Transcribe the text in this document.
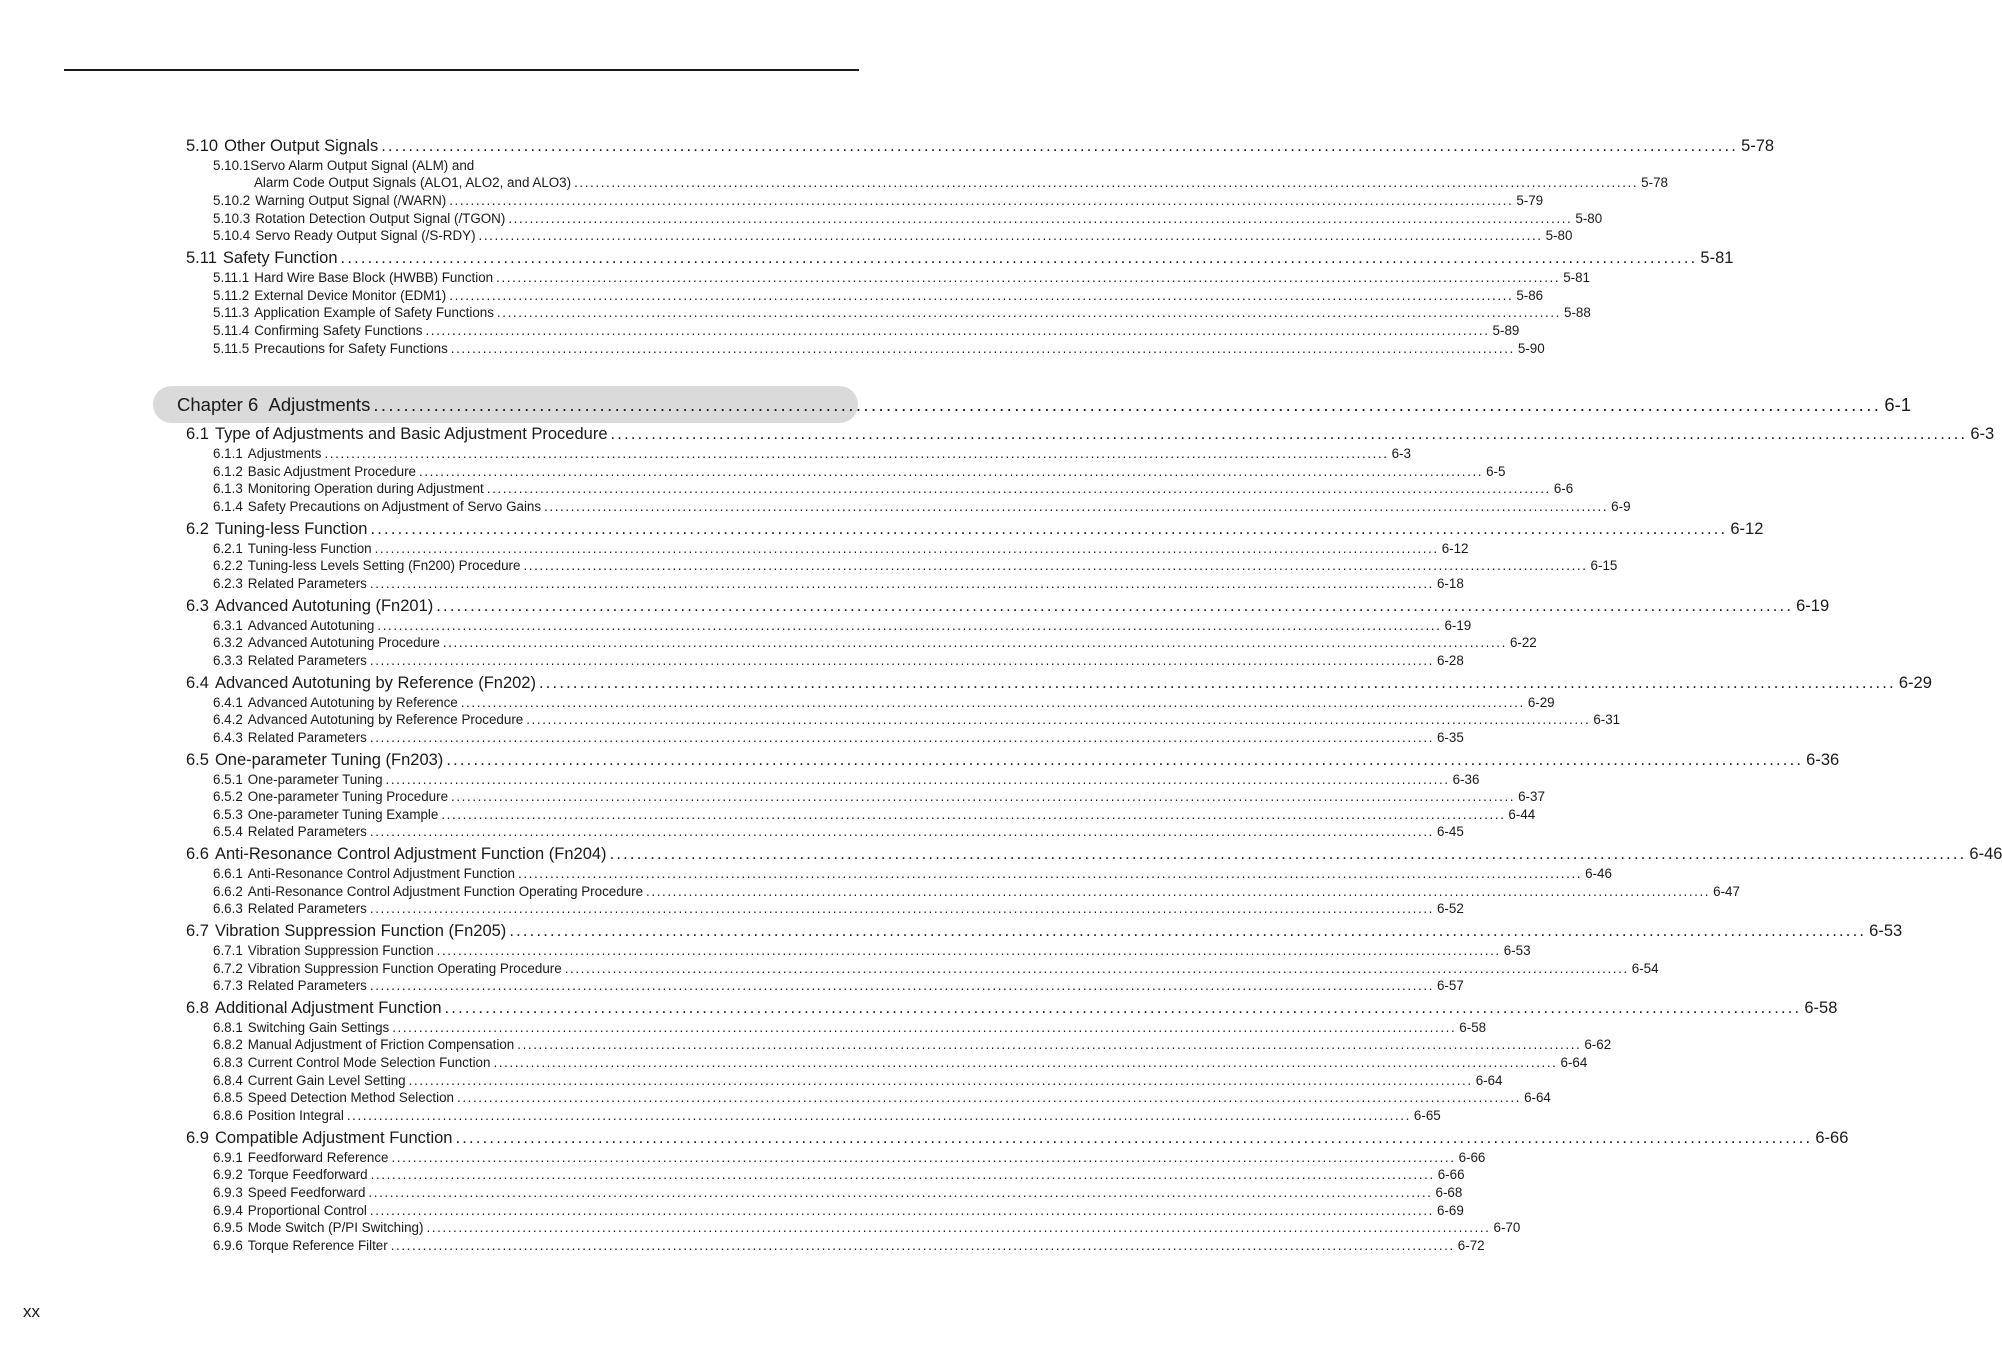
5.10 Other Output Signals ........................................................................................................................................................................................................ 5-78
5.10.1Servo Alarm Output Signal (ALM) and
Alarm Code Output Signals (ALO1, ALO2, and ALO3) ........................................................................................................................................................................................................ 5-78
5.10.2 Warning Output Signal (/WARN) ........................................................................................................................................................................................................ 5-79
5.10.3 Rotation Detection Output Signal (/TGON) ........................................................................................................................................................................................................ 5-80
5.10.4 Servo Ready Output Signal (/S-RDY) ........................................................................................................................................................................................................ 5-80
5.11 Safety Function ........................................................................................................................................................................................................ 5-81
5.11.1 Hard Wire Base Block (HWBB) Function ........................................................................................................................................................................................................ 5-81
5.11.2 External Device Monitor (EDM1) ........................................................................................................................................................................................................ 5-86
5.11.3 Application Example of Safety Functions ........................................................................................................................................................................................................ 5-88
5.11.4 Confirming Safety Functions ........................................................................................................................................................................................................ 5-89
5.11.5 Precautions for Safety Functions ........................................................................................................................................................................................................ 5-90
Chapter 6 Adjustments ........................................................................................................................................................................................................ 6-1
6.1 Type of Adjustments and Basic Adjustment Procedure ........................................................................................................................................................................................................ 6-3
6.1.1 Adjustments ........................................................................................................................................................................................................ 6-3
6.1.2 Basic Adjustment Procedure ........................................................................................................................................................................................................ 6-5
6.1.3 Monitoring Operation during Adjustment ........................................................................................................................................................................................................ 6-6
6.1.4 Safety Precautions on Adjustment of Servo Gains ........................................................................................................................................................................................................ 6-9
6.2 Tuning-less Function ........................................................................................................................................................................................................ 6-12
6.2.1 Tuning-less Function ........................................................................................................................................................................................................ 6-12
6.2.2 Tuning-less Levels Setting (Fn200) Procedure ........................................................................................................................................................................................................ 6-15
6.2.3 Related Parameters ........................................................................................................................................................................................................ 6-18
6.3 Advanced Autotuning (Fn201) ........................................................................................................................................................................................................ 6-19
6.3.1 Advanced Autotuning ........................................................................................................................................................................................................ 6-19
6.3.2 Advanced Autotuning Procedure ........................................................................................................................................................................................................ 6-22
6.3.3 Related Parameters ........................................................................................................................................................................................................ 6-28
6.4 Advanced Autotuning by Reference (Fn202) ........................................................................................................................................................................................................ 6-29
6.4.1 Advanced Autotuning by Reference ........................................................................................................................................................................................................ 6-29
6.4.2 Advanced Autotuning by Reference Procedure ........................................................................................................................................................................................................ 6-31
6.4.3 Related Parameters ........................................................................................................................................................................................................ 6-35
6.5 One-parameter Tuning (Fn203) ........................................................................................................................................................................................................ 6-36
6.5.1 One-parameter Tuning ........................................................................................................................................................................................................ 6-36
6.5.2 One-parameter Tuning Procedure ........................................................................................................................................................................................................ 6-37
6.5.3 One-parameter Tuning Example ........................................................................................................................................................................................................ 6-44
6.5.4 Related Parameters ........................................................................................................................................................................................................ 6-45
6.6 Anti-Resonance Control Adjustment Function (Fn204) ........................................................................................................................................................................................................ 6-46
6.6.1 Anti-Resonance Control Adjustment Function ........................................................................................................................................................................................................ 6-46
6.6.2 Anti-Resonance Control Adjustment Function Operating Procedure ........................................................................................................................................................................................................ 6-47
6.6.3 Related Parameters ........................................................................................................................................................................................................ 6-52
6.7 Vibration Suppression Function (Fn205) ........................................................................................................................................................................................................ 6-53
6.7.1 Vibration Suppression Function ........................................................................................................................................................................................................ 6-53
6.7.2 Vibration Suppression Function Operating Procedure ........................................................................................................................................................................................................ 6-54
6.7.3 Related Parameters ........................................................................................................................................................................................................ 6-57
6.8 Additional Adjustment Function ........................................................................................................................................................................................................ 6-58
6.8.1 Switching Gain Settings ........................................................................................................................................................................................................ 6-58
6.8.2 Manual Adjustment of Friction Compensation ........................................................................................................................................................................................................ 6-62
6.8.3 Current Control Mode Selection Function ........................................................................................................................................................................................................ 6-64
6.8.4 Current Gain Level Setting ........................................................................................................................................................................................................ 6-64
6.8.5 Speed Detection Method Selection ........................................................................................................................................................................................................ 6-64
6.8.6 Position Integral ........................................................................................................................................................................................................ 6-65
6.9 Compatible Adjustment Function ........................................................................................................................................................................................................ 6-66
6.9.1 Feedforward Reference ........................................................................................................................................................................................................ 6-66
6.9.2 Torque Feedforward ........................................................................................................................................................................................................ 6-66
6.9.3 Speed Feedforward ........................................................................................................................................................................................................ 6-68
6.9.4 Proportional Control ........................................................................................................................................................................................................ 6-69
6.9.5 Mode Switch (P/PI Switching) ........................................................................................................................................................................................................ 6-70
6.9.6 Torque Reference Filter ........................................................................................................................................................................................................ 6-72
xx
